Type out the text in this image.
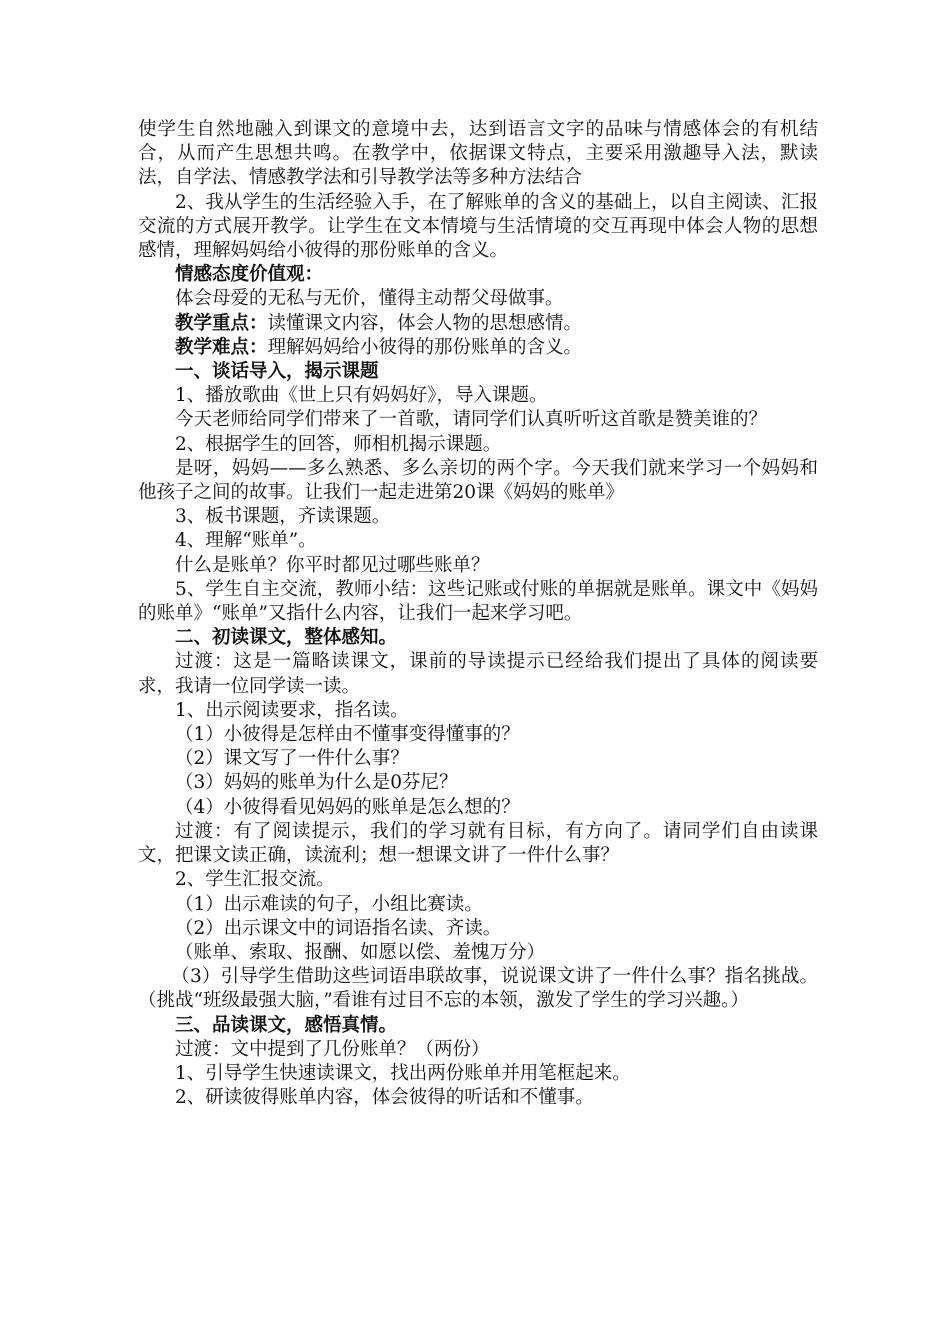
使学生自然地融入到课文的意境中去，达到语言文字的品味与情感体会的有机结合，从而产生思想共鸣。在教学中，依据课文特点，主要采用激趣导入法，默读法，自学法、情感教学法和引导教学法等多种方法结合

2、我从学生的生活经验入手，在了解账单的含义的基础上，以自主阅读、汇报交流的方式展开教学。让学生在文本情境与生活情境的交互再现中体会人物的思想感情，理解妈妈给小彼得的那份账单的含义。

情感态度价值观：

体会母爱的无私与无价，懂得主动帮父母做事。

教学重点：读懂课文内容，体会人物的思想感情。

教学难点：理解妈妈给小彼得的那份账单的含义。

一、谈话导入，揭示课题

1、播放歌曲《世上只有妈妈好》，导入课题。

今天老师给同学们带来了一首歌，请同学们认真听听这首歌是赞美谁的？

2、根据学生的回答，师相机揭示课题。

是呀，妈妈——多么熟悉、多么亲切的两个字。今天我们就来学习一个妈妈和他孩子之间的故事。让我们一起走进第20课《妈妈的账单》

3、板书课题，齐读课题。

4、理解“账单”。

什么是账单？你平时都见过哪些账单？

5、学生自主交流，教师小结：这些记账或付账的单据就是账单。课文中《妈妈的账单》“账单”又指什么内容，让我们一起来学习吧。

二、初读课文，整体感知。

过渡：这是一篇略读课文，课前的导读提示已经给我们提出了具体的阅读要求，我请一位同学读一读。

1、出示阅读要求，指名读。

（1）小彼得是怎样由不懂事变得懂事的？

（2）课文写了一件什么事？

（3）妈妈的账单为什么是0芬尼？

（4）小彼得看见妈妈的账单是怎么想的？

过渡：有了阅读提示，我们的学习就有目标，有方向了。请同学们自由读课文，把课文读正确，读流利；想一想课文讲了一件什么事？

2、学生汇报交流。

（1）出示难读的句子，小组比赛读。

（2）出示课文中的词语指名读、齐读。

（账单、索取、报酬、如愿以偿、羞愧万分）

（3）引导学生借助这些词语串联故事，说说课文讲了一件什么事？指名挑战。（挑战“班级最强大脑，”看谁有过目不忘的本领，激发了学生的学习兴趣。）

三、品读课文，感悟真情。

过渡：文中提到了几份账单？（两份）

1、引导学生快速读课文，找出两份账单并用笔框起来。

2、研读彼得账单内容，体会彼得的听话和不懂事。
